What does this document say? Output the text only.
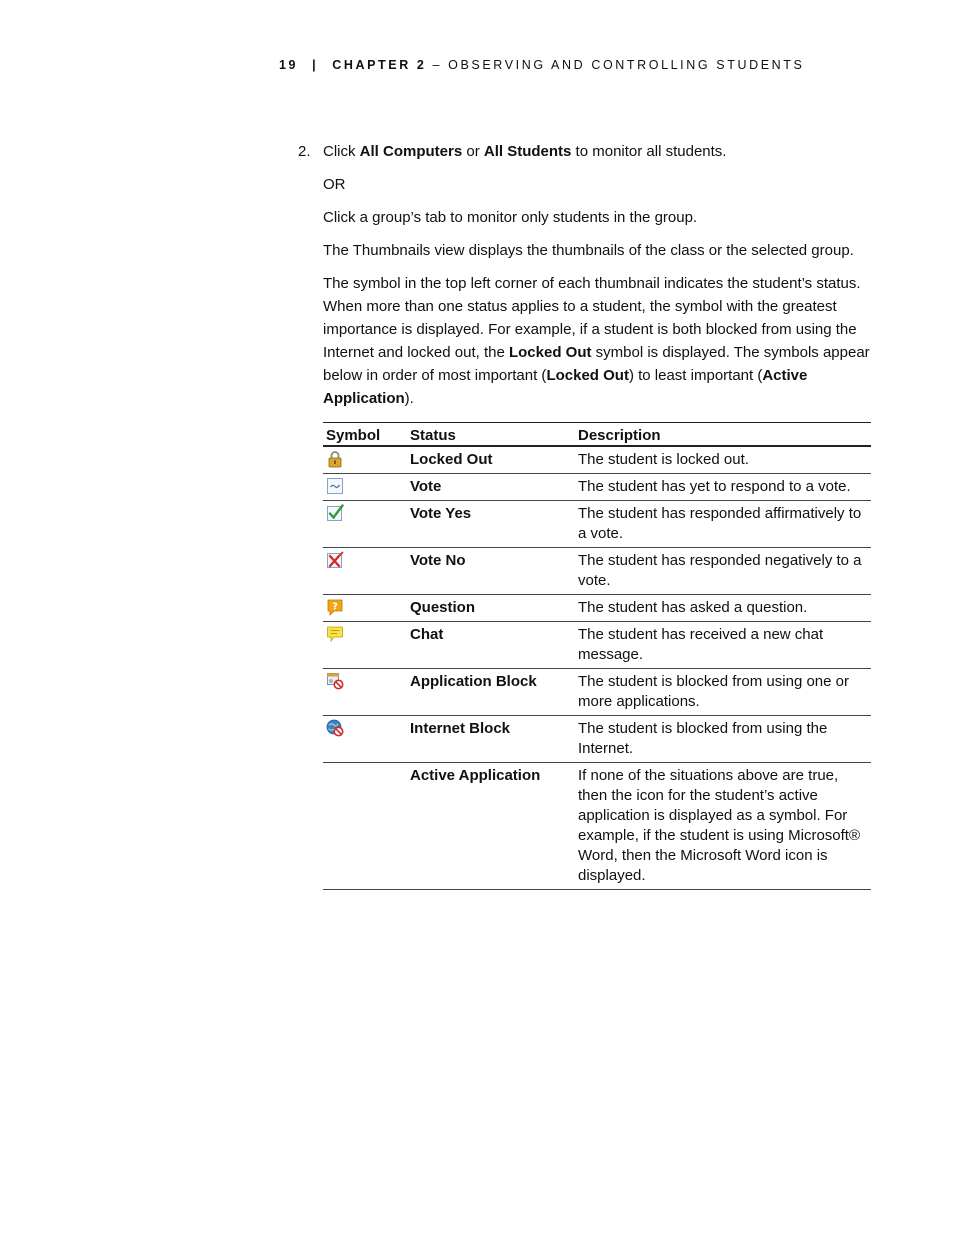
19 | CHAPTER 2 – OBSERVING AND CONTROLLING STUDENTS
2. Click All Computers or All Students to monitor all students.

OR

Click a group’s tab to monitor only students in the group.

The Thumbnails view displays the thumbnails of the class or the selected group.

The symbol in the top left corner of each thumbnail indicates the student’s status. When more than one status applies to a student, the symbol with the greatest importance is displayed. For example, if a student is both blocked from using the Internet and locked out, the Locked Out symbol is displayed. The symbols appear below in order of most important (Locked Out) to least important (Active Application).

Symbol	Status	Description

	Locked Out	The student is locked out.

	Vote	The student has yet to respond to a vote.

	Vote Yes	The student has responded affirmatively to a vote.

	Vote No	The student has responded negatively to a vote.

?	Question	The student has asked a question.

	Chat	The student has received a new chat message.

	Application Block	The student is blocked from using one or more applications.

	Internet Block	The student is blocked from using the Internet.
	Active Application	If none of the situations above are true, then the icon for the student’s active application is displayed as a symbol. For example, if the student is using Microsoft® Word, then the Microsoft Word icon is displayed.
